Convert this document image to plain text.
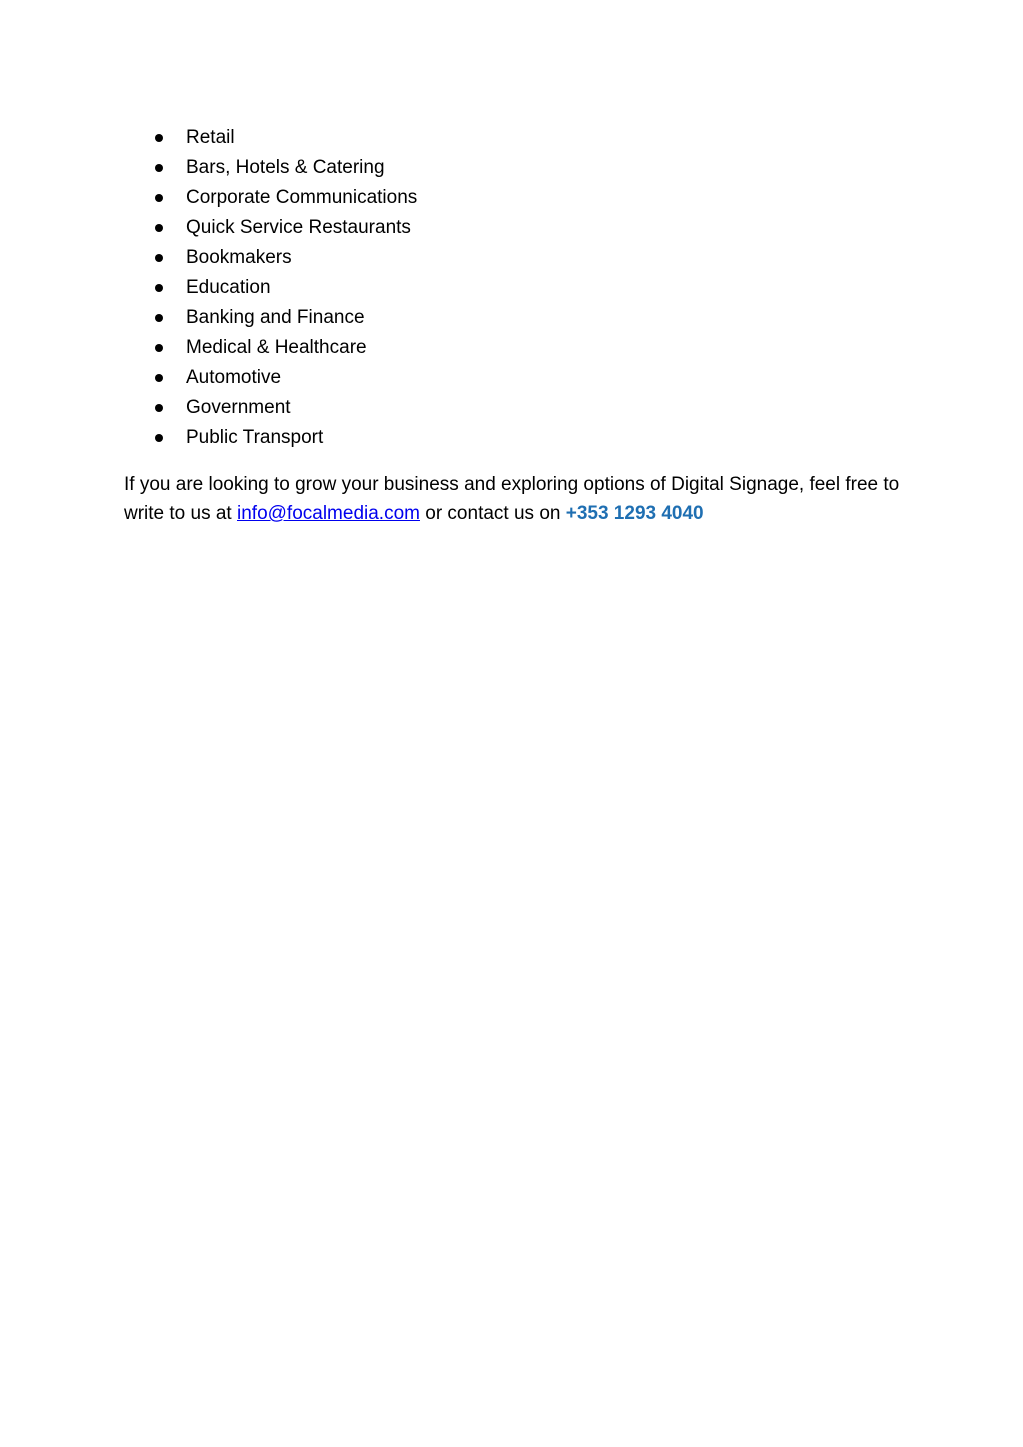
Retail
Bars, Hotels & Catering
Corporate Communications
Quick Service Restaurants
Bookmakers
Education
Banking and Finance
Medical & Healthcare
Automotive
Government
Public Transport

If you are looking to grow your business and exploring options of Digital Signage, feel free to
write to us at info@focalmedia.com or contact us on +353 1293 4040
